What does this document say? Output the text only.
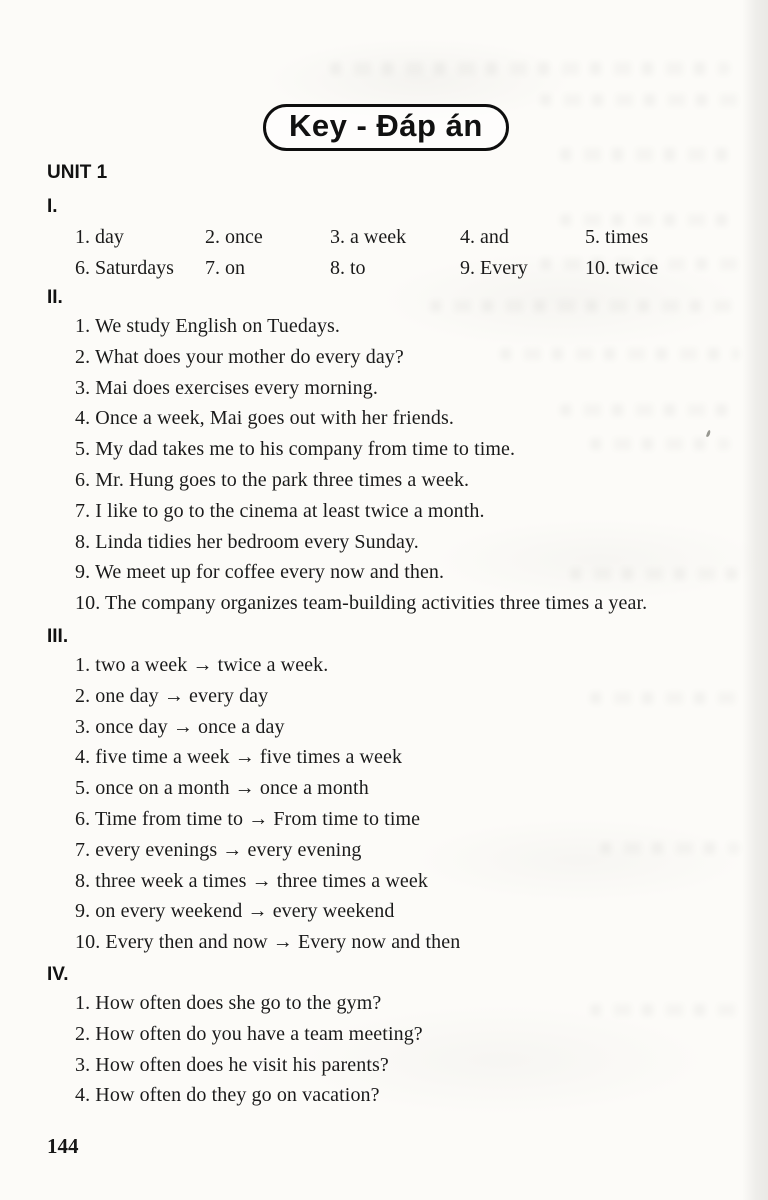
Key - Đáp án
UNIT 1
I.
1. day	2. once	3. a week	4. and	5. times
6. Saturdays	7. on	8. to	9. Every	10. twice
II.
1. We study English on Tuedays.
2. What does your mother do every day?
3. Mai does exercises every morning.
4. Once a week, Mai goes out with her friends.
5. My dad takes me to his company from time to time.
6. Mr. Hung goes to the park three times a week.
7. I like to go to the cinema at least twice a month.
8. Linda tidies her bedroom every Sunday.
9. We meet up for coffee every now and then.
10. The company organizes team-building activities three times a year.
III.
1. two a week → twice a week.
2. one day → every day
3. once day → once a day
4. five time a week → five times a week
5. once on a month → once a month
6. Time from time to → From time to time
7. every evenings → every evening
8. three week a times → three times a week
9. on every weekend → every weekend
10. Every then and now → Every now and then
IV.
1. How often does she go to the gym?
2. How often do you have a team meeting?
3. How often does he visit his parents?
4. How often do they go on vacation?
144
